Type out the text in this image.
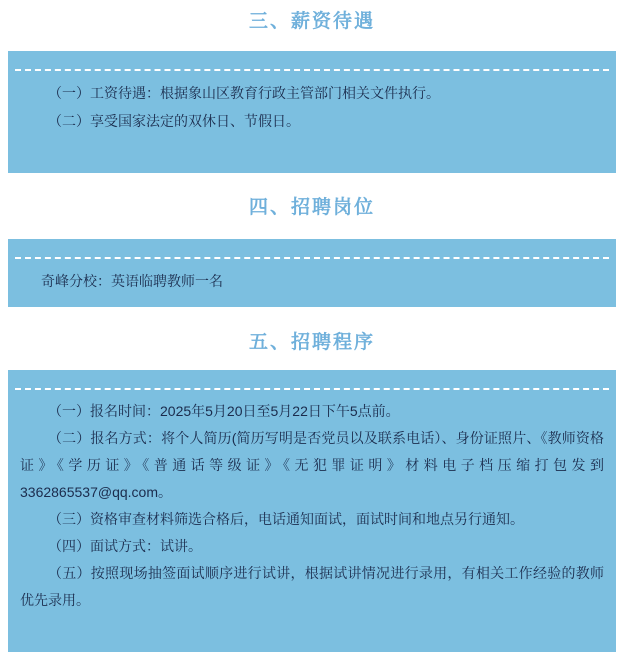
三、薪资待遇

（一）工资待遇：根据象山区教育行政主管部门相关文件执行。

（二）享受国家法定的双休日、节假日。

四、招聘岗位

奇峰分校：英语临聘教师一名

五、招聘程序

（一）报名时间：2025年5月20日至5月22日下午5点前。

（二）报名方式：将个人简历(简历写明是否党员以及联系电话）、身份证照片、《教师资格证》《学历证》《普通话等级证》《无犯罪证明》材料电子档压缩打包发到3362865537@qq.com。

（三）资格审查材料筛选合格后，电话通知面试，面试时间和地点另行通知。

（四）面试方式：试讲。

（五）按照现场抽签面试顺序进行试讲，根据试讲情况进行录用，有相关工作经验的教师优先录用。
